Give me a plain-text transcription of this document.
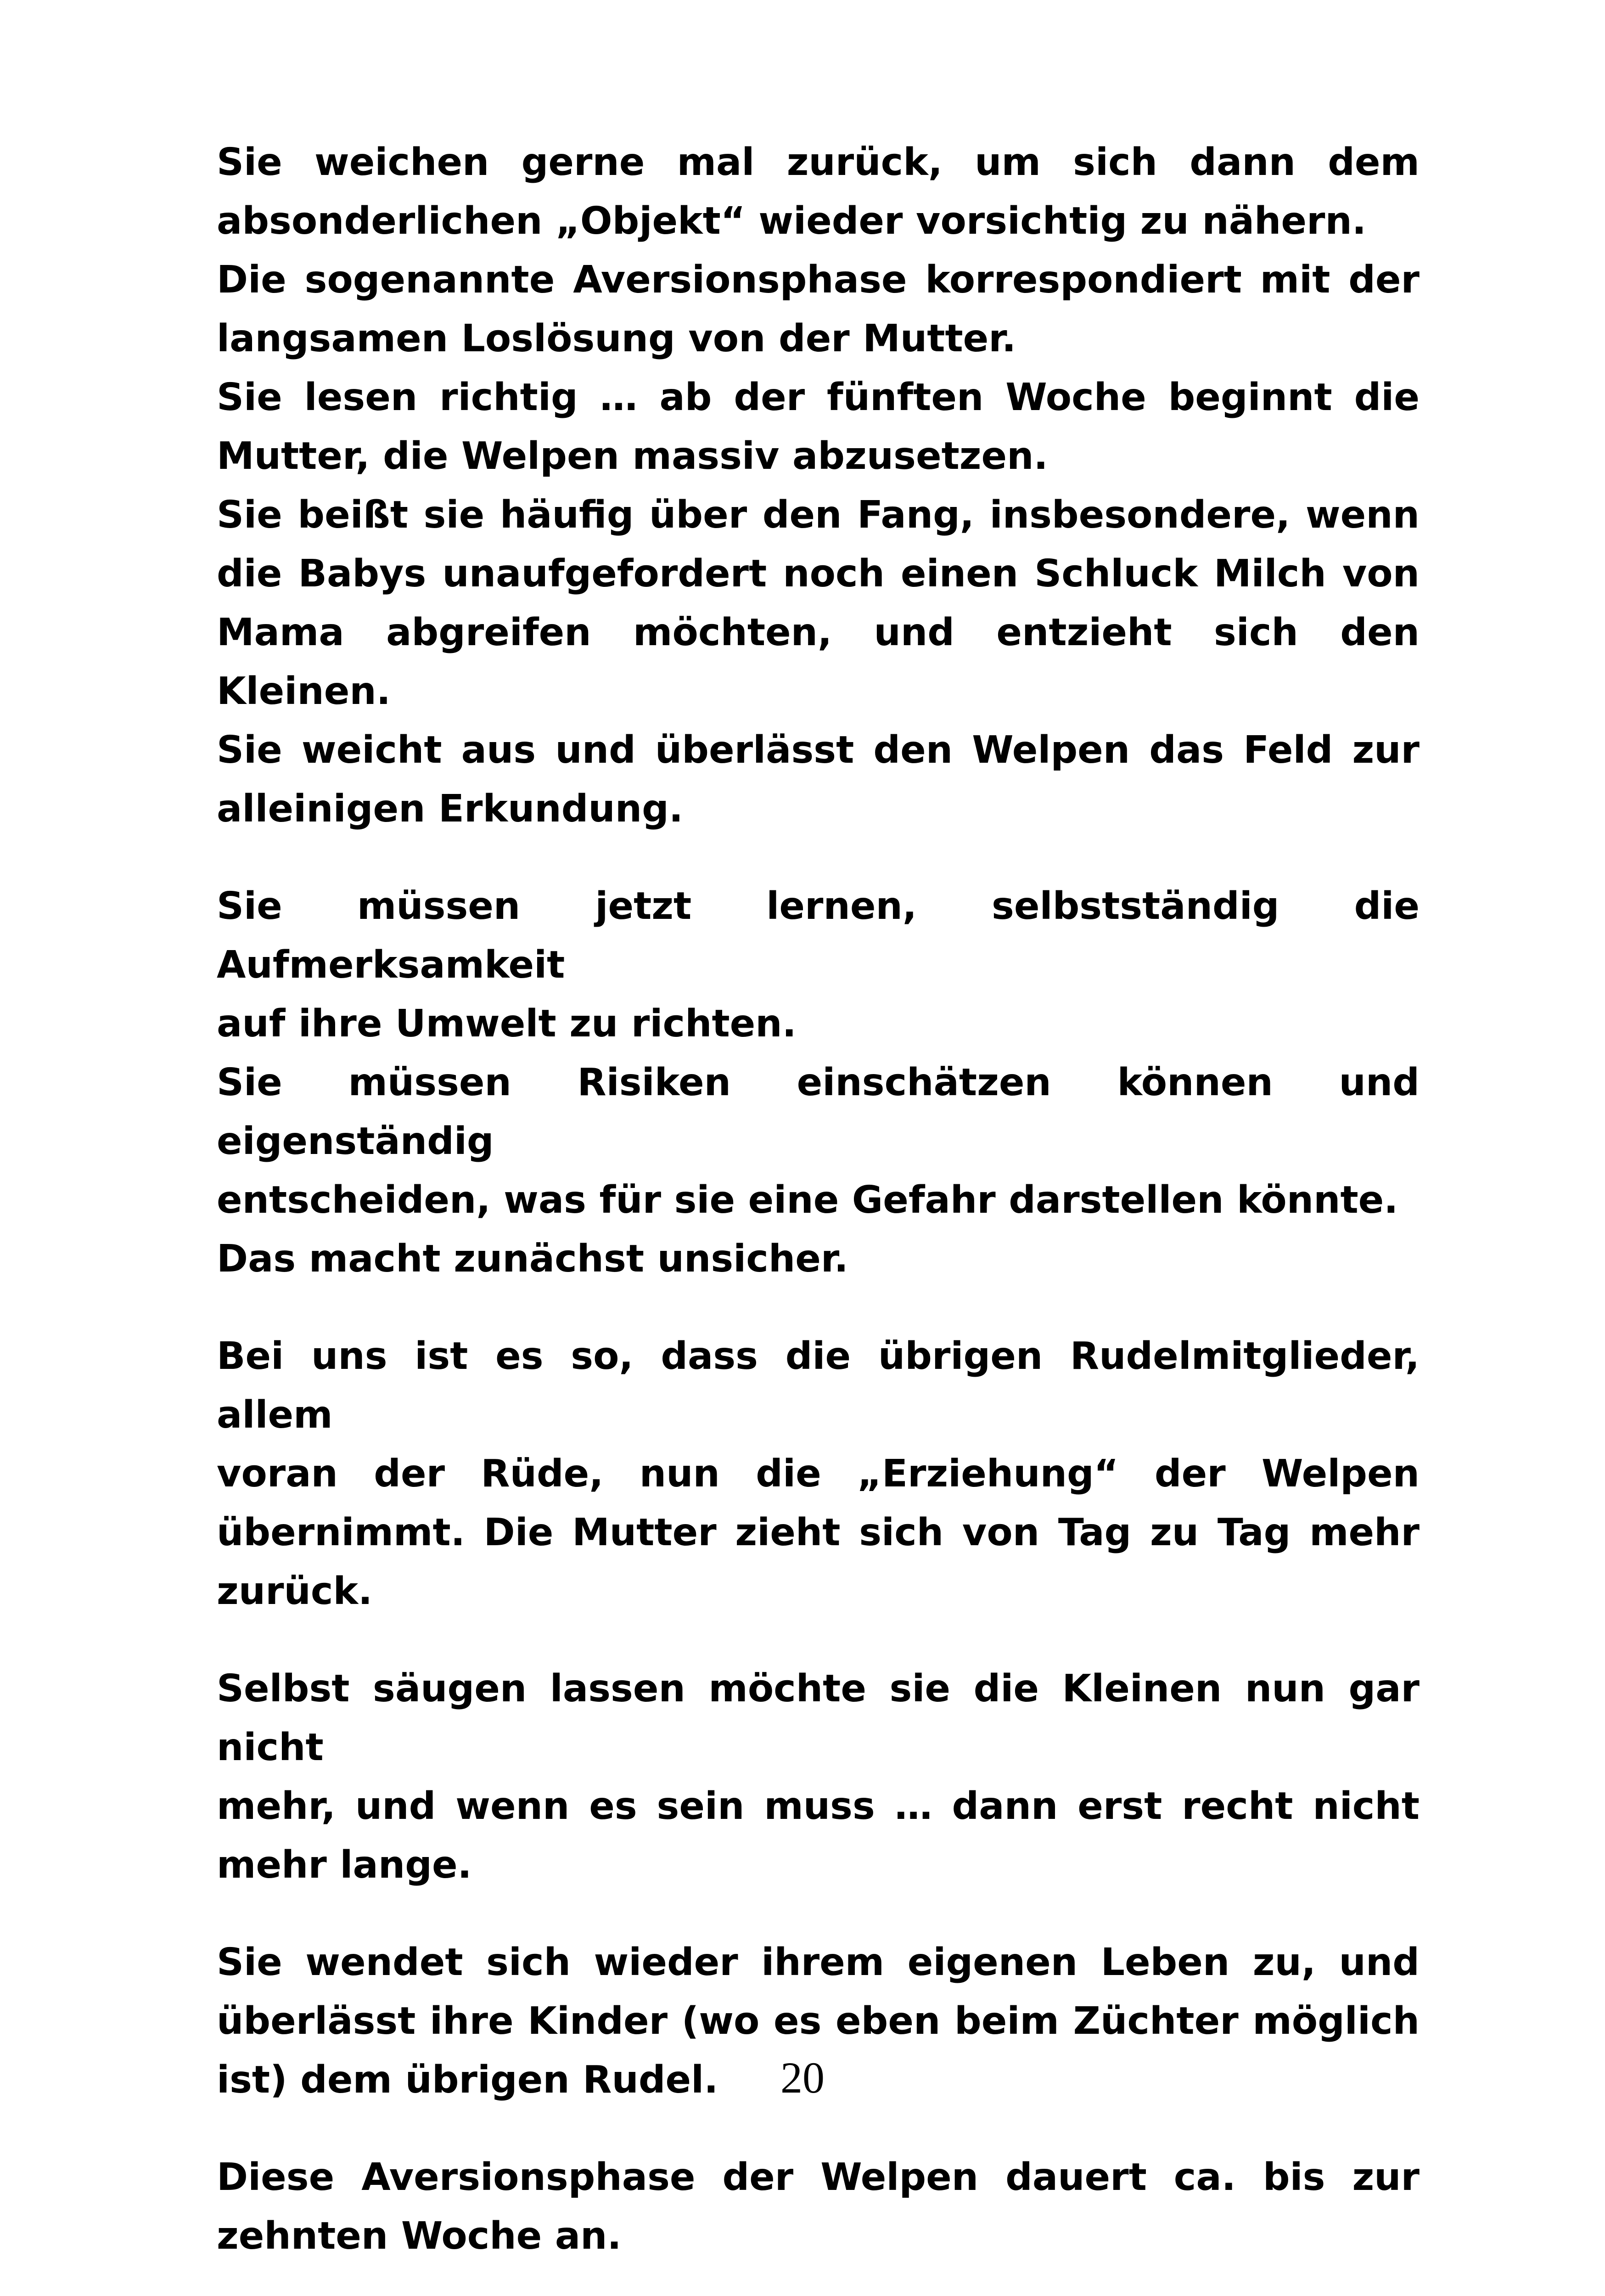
Sie weichen gerne mal zurück, um sich dann dem
absonderlichen „Objekt“ wieder vorsichtig zu nähern.
Die sogenannte Aversionsphase korrespondiert mit der
langsamen Loslösung von der Mutter.
Sie lesen richtig … ab der fünften Woche beginnt die
Mutter, die Welpen massiv abzusetzen.
Sie beißt sie häufig über den Fang, insbesondere, wenn
die Babys unaufgefordert noch einen Schluck Milch von
Mama abgreifen möchten, und entzieht sich den Kleinen.
Sie weicht aus und überlässt den Welpen das Feld zur
alleinigen Erkundung.
Sie müssen jetzt lernen, selbstständig die Aufmerksamkeit
auf ihre Umwelt zu richten.
Sie müssen Risiken einschätzen können und eigenständig
entscheiden, was für sie eine Gefahr darstellen könnte.
Das macht zunächst unsicher.
Bei uns ist es so, dass die übrigen Rudelmitglieder, allem
voran der Rüde, nun die „Erziehung“ der Welpen
übernimmt. Die Mutter zieht sich von Tag zu Tag mehr
zurück.
Selbst säugen lassen möchte sie die Kleinen nun gar nicht
mehr, und wenn es sein muss … dann erst recht nicht
mehr lange.
Sie wendet sich wieder ihrem eigenen Leben zu, und
überlässt ihre Kinder (wo es eben beim Züchter möglich
ist) dem übrigen Rudel.
Diese Aversionsphase der Welpen dauert ca. bis zur
zehnten Woche an.
20
